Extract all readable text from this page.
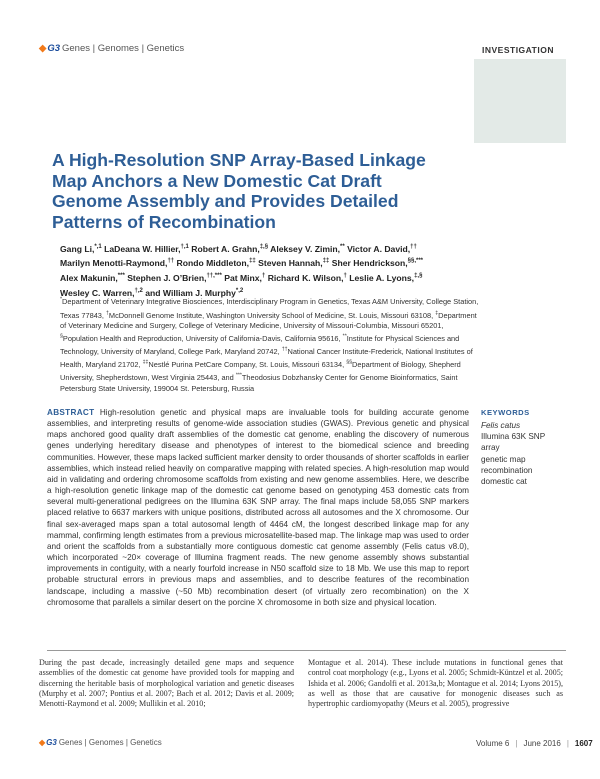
◆ G3 Genes | Genomes | Genetics	INVESTIGATION
A High-Resolution SNP Array-Based Linkage Map Anchors a New Domestic Cat Draft Genome Assembly and Provides Detailed Patterns of Recombination
Gang Li,$^{*,1}$ LaDeana W. Hillier,$^{\dagger,1}$ Robert A. Grahn,‡,§ Aleksey V. Zimin,** Victor A. David,†† Marilyn Menotti-Raymond,†† Rondo Middleton,‡‡ Steven Hannah,‡‡ Sher Hendrickson,§§,*** Alex Makunin,*** Stephen J. O’Brien,††,*** Pat Minx,† Richard K. Wilson,† Leslie A. Lyons,‡,§ Wesley C. Warren,$^{\dagger,2}$ and William J. Murphy$^{*,2}$
*Department of Veterinary Integrative Biosciences, Interdisciplinary Program in Genetics, Texas A&M University, College Station, Texas 77843, †McDonnell Genome Institute, Washington University School of Medicine, St. Louis, Missouri 63108, ‡Department of Veterinary Medicine and Surgery, College of Veterinary Medicine, University of Missouri-Columbia, Missouri 65201, §Population Health and Reproduction, University of California-Davis, California 95616, **Institute for Physical Sciences and Technology, University of Maryland, College Park, Maryland 20742, ††National Cancer Institute-Frederick, National Institutes of Health, Maryland 21702, ‡‡Nestlé Purina PetCare Company, St. Louis, Missouri 63134, §§Department of Biology, Shepherd University, Shepherdstown, West Virginia 25443, and ***Theodosius Dobzhansky Center for Genome Bioinformatics, Saint Petersburg State University, 199004 St. Petersburg, Russia
ABSTRACT High-resolution genetic and physical maps are invaluable tools for building accurate genome assemblies, and interpreting results of genome-wide association studies (GWAS). Previous genetic and physical maps anchored good quality draft assemblies of the domestic cat genome, enabling the discovery of numerous genes underlying hereditary disease and phenotypes of interest to the biomedical science and breeding communities. However, these maps lacked sufficient marker density to order thousands of shorter scaffolds in earlier assemblies, which instead relied heavily on comparative mapping with related species. A high-resolution map would aid in validating and ordering chromosome scaffolds from existing and new genome assemblies. Here, we describe a high-resolution genetic linkage map of the domestic cat genome based on genotyping 453 domestic cats from several multi-generational pedigrees on the Illumina 63K SNP array. The final maps include 58,055 SNP markers placed relative to 6637 markers with unique positions, distributed across all autosomes and the X chromosome. Our final sex-averaged maps span a total autosomal length of 4464 cM, the longest described linkage map for any mammal, confirming length estimates from a previous microsatellite-based map. The linkage map was used to order and orient the scaffolds from a substantially more contiguous domestic cat genome assembly (Felis catus v8.0), which incorporated ~20× coverage of Illumina fragment reads. The new genome assembly shows substantial improvements in contiguity, with a nearly fourfold increase in N50 scaffold size to 18 Mb. We use this map to report probable structural errors in previous maps and assemblies, and to describe features of the recombination landscape, including a massive (~50 Mb) recombination desert (of virtually zero recombination) on the X chromosome that parallels a similar desert on the porcine X chromosome in both size and physical location.
KEYWORDS
Felis catus
Illumina 63K SNP array
genetic map
recombination
domestic cat
During the past decade, increasingly detailed gene maps and sequence assemblies of the domestic cat genome have provided tools for mapping and discerning the heritable basis of morphological variation and genetic diseases (Murphy et al. 2007; Pontius et al. 2007; Bach et al. 2012; Davis et al. 2009; Menotti-Raymond et al. 2009; Mullikin et al. 2010;
Montague et al. 2014). These include mutations in functional genes that control coat morphology (e.g., Lyons et al. 2005; Schmidt-Küntzel et al. 2005; Ishida et al. 2006; Gandolfi et al. 2013a,b; Montague et al. 2014; Lyons 2015), as well as those that are causative for monogenic diseases such as hypertrophic cardiomyopathy (Meurs et al. 2005), progressive
◆ G3 Genes | Genomes | Genetics	Volume 6 | June 2016 | 1607
